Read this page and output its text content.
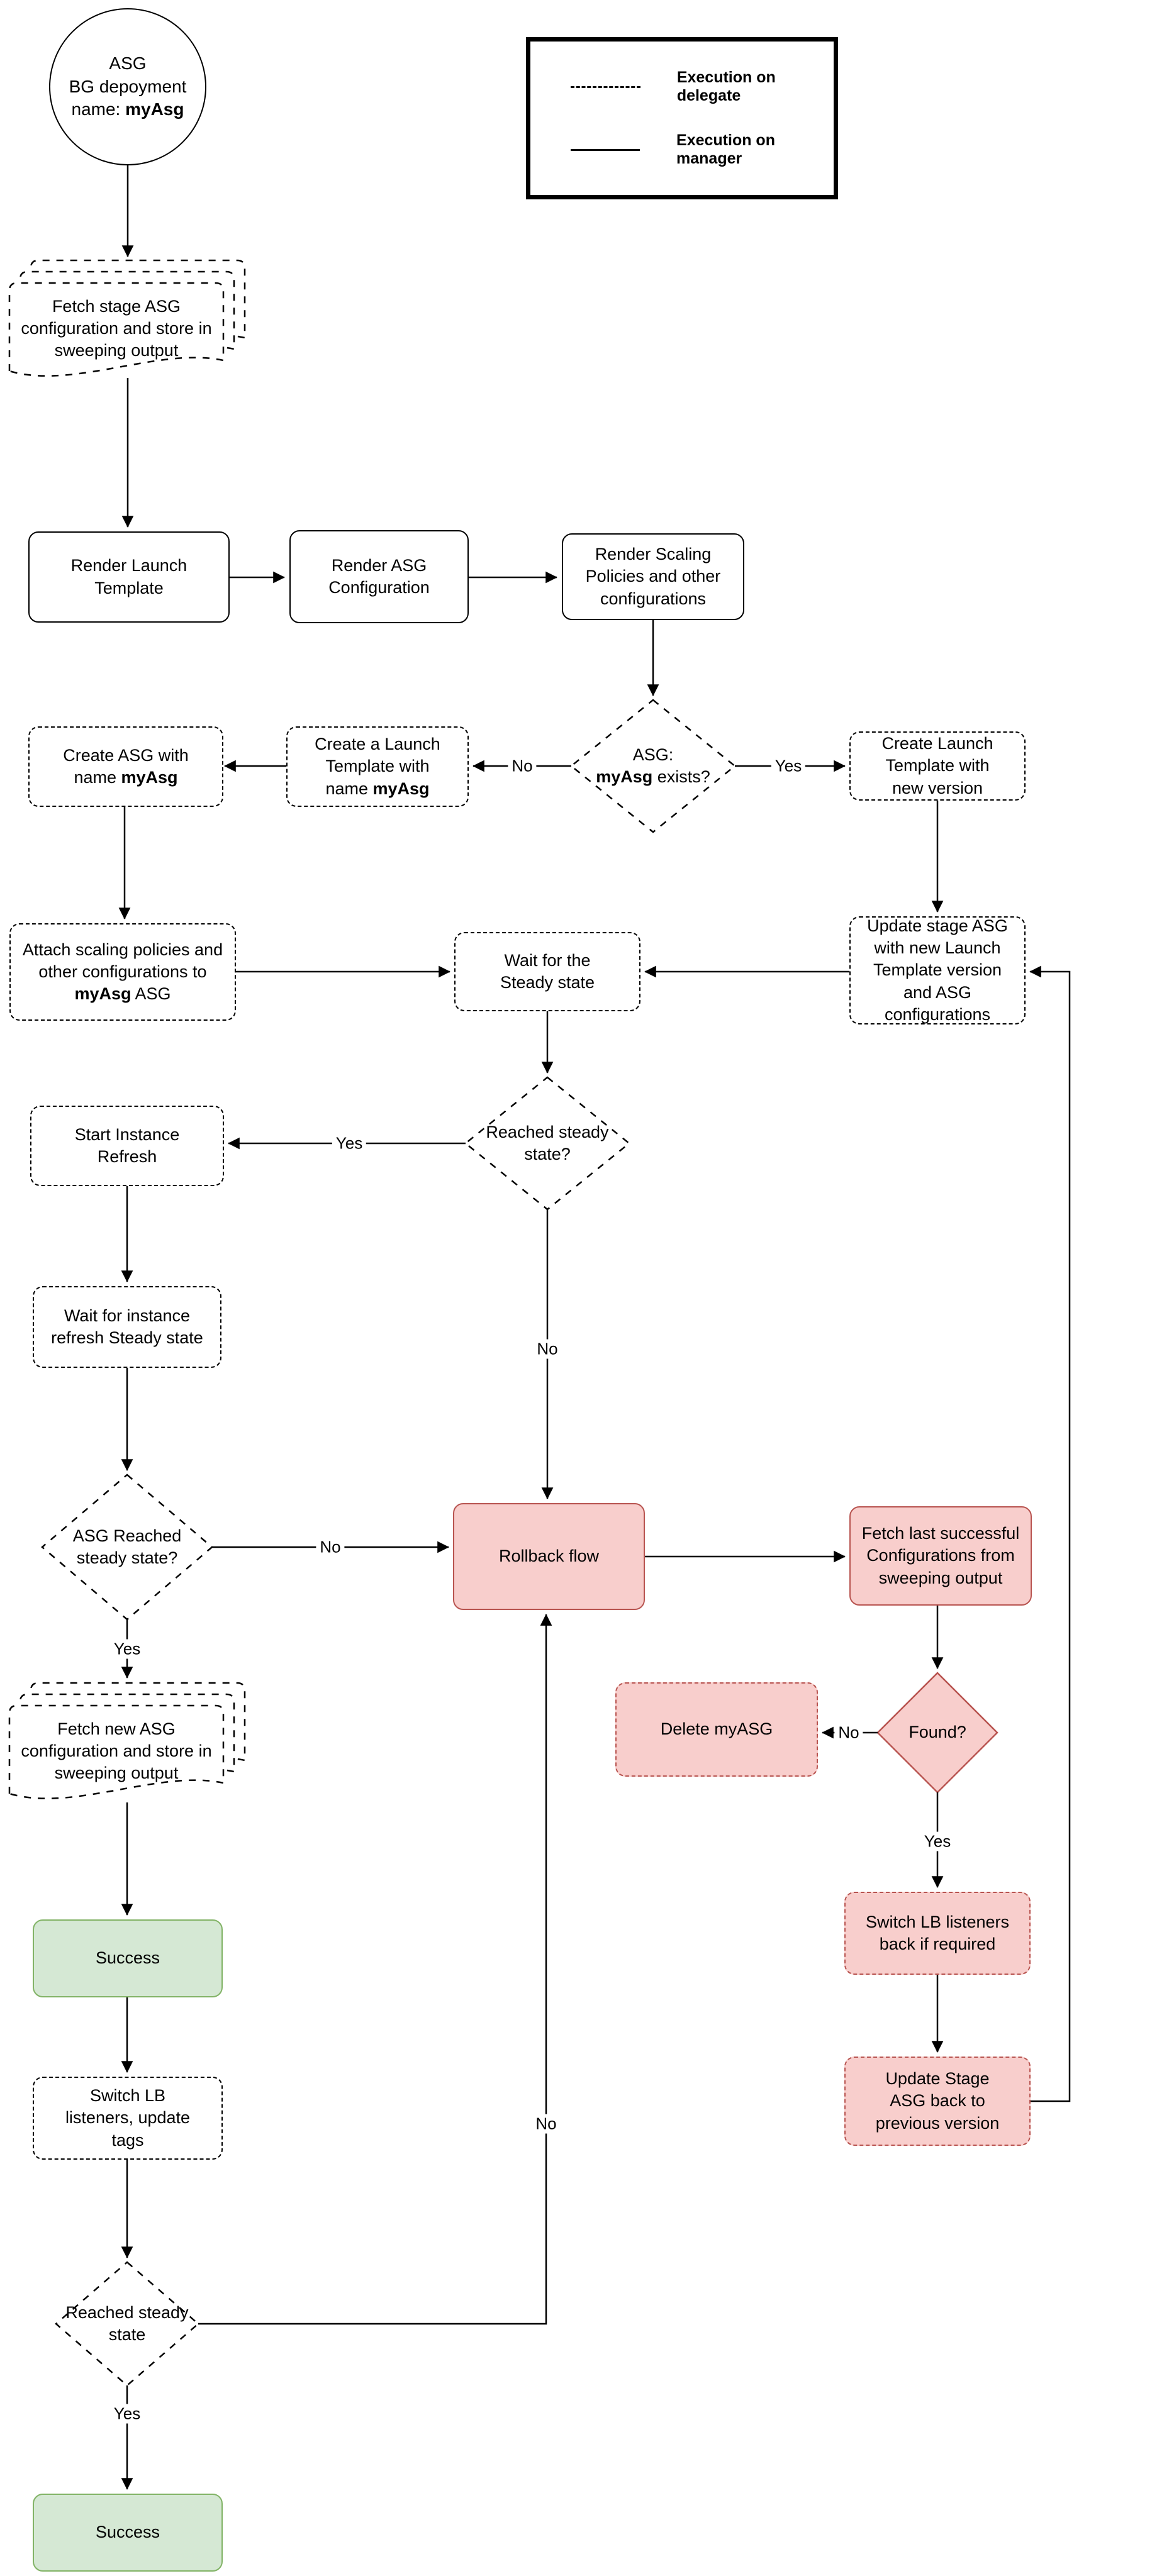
Execution on delegate
Execution on manager
ASG
BG depoyment
name: myAsg
Fetch stage ASG configuration and store in sweeping output
Render Launch Template
Render ASG Configuration
Render Scaling Policies and other configurations
ASG:
myAsg exists?
Create a Launch Template with name myAsg
Create ASG with name myAsg
Create Launch Template with new version
Attach scaling policies and other configurations to myAsg ASG
Wait for the Steady state
Update stage ASG with new Launch Template version and ASG configurations
Reached steady state?
Start Instance Refresh
Wait for instance refresh Steady state
ASG Reached steady state?	Rollback flow
Fetch last successful Configurations from sweeping output
Found?
Delete myASG
Switch LB listeners back if required
Update Stage ASG back to previous version
Fetch new ASG configuration and store in sweeping output
Success
Switch LB listeners, update tags
Reached steady state
Success
No	Yes
Yes
No
No
Yes
No
Yes
No
Yes
